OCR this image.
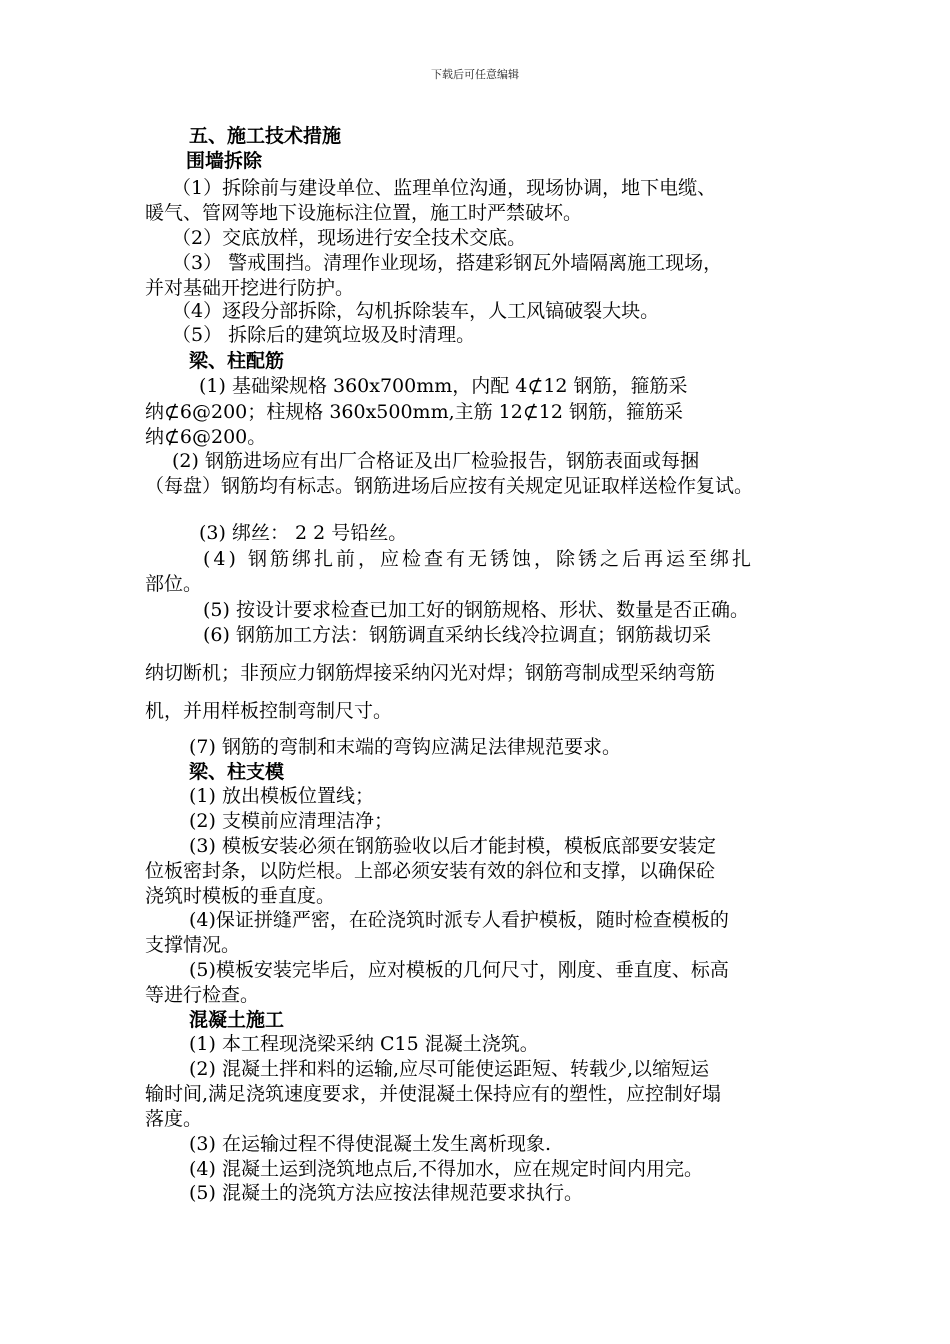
下载后可任意编辑
五、施工技术措施
围墙拆除
（1）拆除前与建设单位、监理单位沟通，现场协调，地下电缆、
暖气、管网等地下设施标注位置，施工时严禁破坏。
（2）交底放样，现场进行安全技术交底。
（3） 警戒围挡。清理作业现场，搭建彩钢瓦外墙隔离施工现场，
并对基础开挖进行防护。
（4）逐段分部拆除，勾机拆除装车，人工风镐破裂大块。
（5） 拆除后的建筑垃圾及时清理。
梁、柱配筋
(1) 基础梁规格 360x700mm，内配 4⊄12 钢筋，箍筋采
纳⊄6@200；柱规格 360x500mm,主筋 12⊄12 钢筋，箍筋采
纳⊄6@200。
(2) 钢筋进场应有出厂合格证及出厂检验报告，钢筋表面或每捆
（每盘）钢筋均有标志。钢筋进场后应按有关规定见证取样送检作复试。
(3) 绑丝： 2 2 号铅丝。
(4) 钢筋绑扎前，应检查有无锈蚀，除锈之后再运至绑扎
部位。
(5) 按设计要求检查已加工好的钢筋规格、形状、数量是否正确。
(6) 钢筋加工方法：钢筋调直采纳长线冷拉调直；钢筋裁切采
纳切断机；非预应力钢筋焊接采纳闪光对焊；钢筋弯制成型采纳弯筋
机，并用样板控制弯制尺寸。
(7) 钢筋的弯制和末端的弯钩应满足法律规范要求。
梁、柱支模
(1) 放出模板位置线；
(2) 支模前应清理洁净；
(3) 模板安装必须在钢筋验收以后才能封模，模板底部要安装定
位板密封条，以防烂根。上部必须安装有效的斜位和支撑，以确保砼
浇筑时模板的垂直度。
(4)保证拼缝严密，在砼浇筑时派专人看护模板，随时检查模板的
支撑情况。
(5)模板安装完毕后，应对模板的几何尺寸，刚度、垂直度、标高
等进行检查。
混凝土施工
(1) 本工程现浇梁采纳 C15 混凝土浇筑。
(2) 混凝土拌和料的运输,应尽可能使运距短、转载少,以缩短运
输时间,满足浇筑速度要求，并使混凝土保持应有的塑性，应控制好塌
落度。
(3) 在运输过程不得使混凝土发生离析现象.
(4) 混凝土运到浇筑地点后,不得加水，应在规定时间内用完。
(5) 混凝土的浇筑方法应按法律规范要求执行。
